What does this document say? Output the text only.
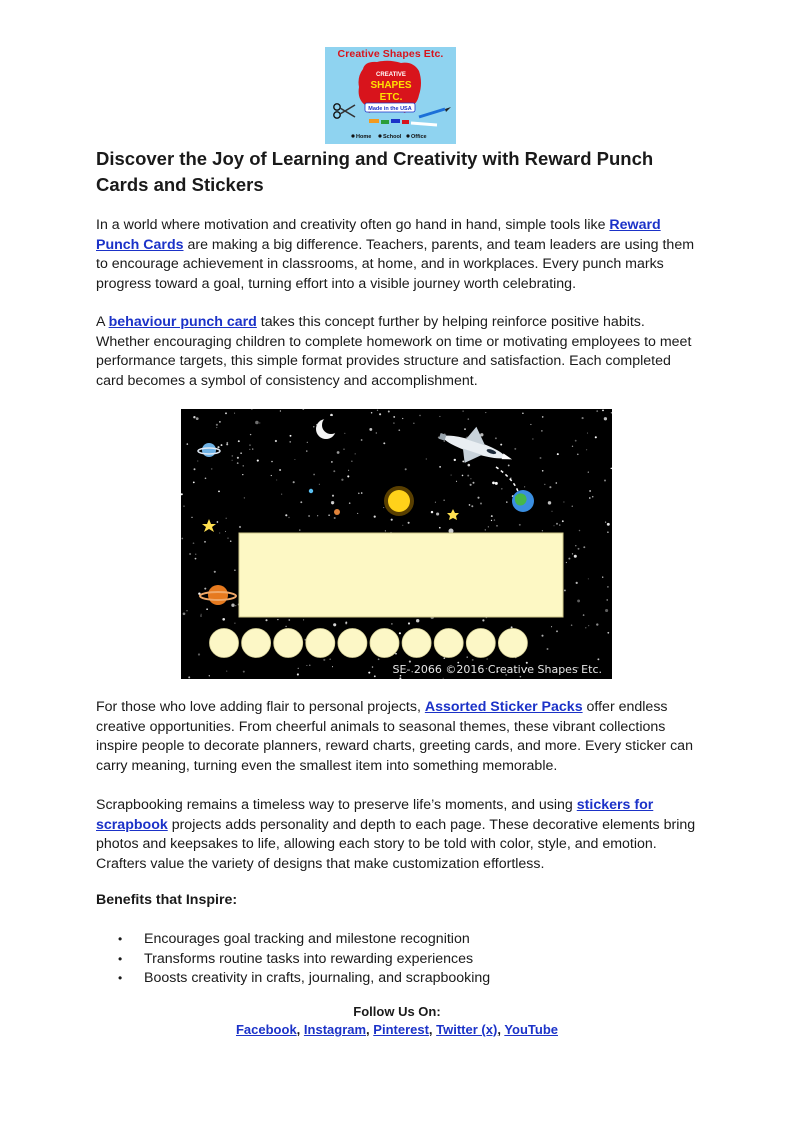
Creative Shapes Etc.
CREATIVE
SHAPES
ETC.
Made in the USA
Home School Office
Discover the Joy of Learning and Creativity with Reward Punch Cards and Stickers

In a world where motivation and creativity often go hand in hand, simple tools like Reward Punch Cards are making a big difference. Teachers, parents, and team leaders are using them to encourage achievement in classrooms, at home, and in workplaces. Every punch marks progress toward a goal, turning effort into a visible journey worth celebrating.

A behaviour punch card takes this concept further by helping reinforce positive habits. Whether encouraging children to complete homework on time or motivating employees to meet performance targets, this simple format provides structure and satisfaction. Each completed card becomes a symbol of consistency and accomplishment.

SE- 2066 ©2016 Creative Shapes Etc.

For those who love adding flair to personal projects, Assorted Sticker Packs offer endless creative opportunities. From cheerful animals to seasonal themes, these vibrant collections inspire people to decorate planners, reward charts, greeting cards, and more. Every sticker can carry meaning, turning even the smallest item into something memorable.

Scrapbooking remains a timeless way to preserve life’s moments, and using stickers for scrapbook projects adds personality and depth to each page. These decorative elements bring photos and keepsakes to life, allowing each story to be told with color, style, and emotion. Crafters value the variety of designs that make customization effortless.

Benefits that Inspire:

• Encourages goal tracking and milestone recognition
• Transforms routine tasks into rewarding experiences
• Boosts creativity in crafts, journaling, and scrapbooking
Follow Us On:
Facebook, Instagram, Pinterest, Twitter (x), YouTube
